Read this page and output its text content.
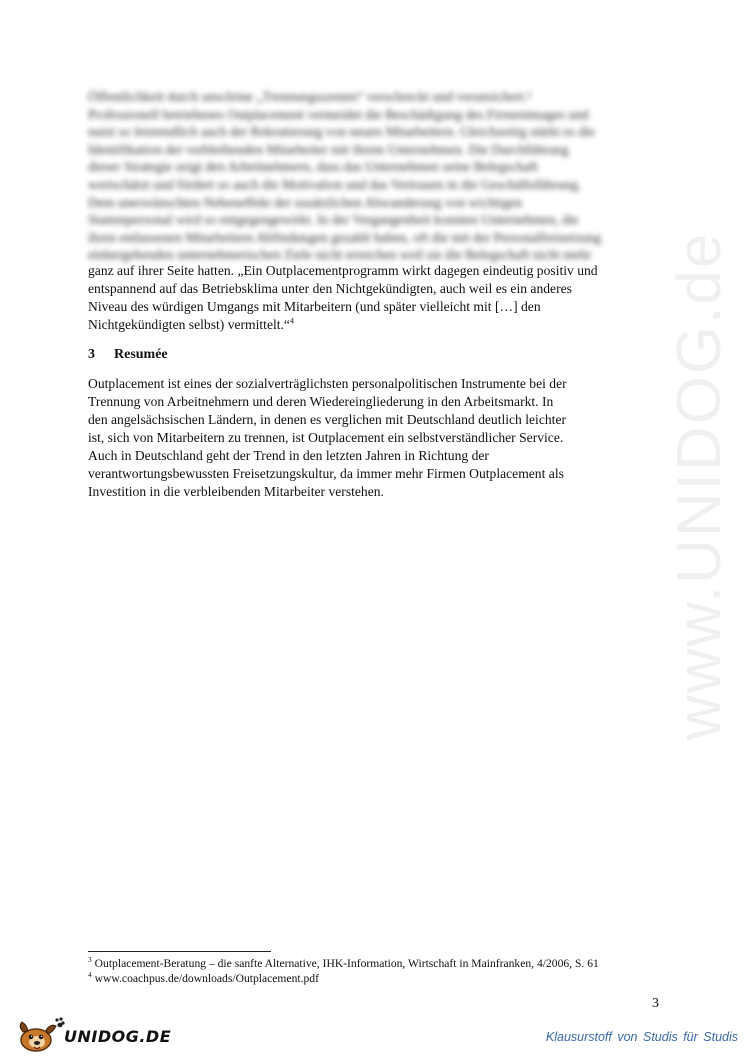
www.UNIDOG.de
Öffentlichkeit durch unschöne „Trennungsszenen“ verschreckt und verunsichert.³
Professionell betriebenes Outplacement vermeidet die Beschädigung des Firmenimages und
nutzt so letztendlich auch der Rekrutierung von neuen Mitarbeitern. Gleichzeitig stärkt es die
Identifikation der verbleibenden Mitarbeiter mit ihrem Unternehmen. Die Durchführung
dieser Strategie zeigt den Arbeitnehmern, dass das Unternehmen seine Belegschaft
wertschätzt und fördert so auch die Motivation und das Vertrauen in die Geschäftsführung.
Dem unerwünschten Nebeneffekt der zusätzlichen Abwanderung von wichtigen
Stammpersonal wird so entgegengewirkt. In der Vergangenheit konnten Unternehmen, die
ihren entlassenen Mitarbeitern Abfindungen gezahlt haben, oft die mit der Personalfreisetzung
einhergehenden unternehmerischen Ziele nicht erreichen weil sie die Belegschaft nicht mehr
ganz auf ihrer Seite hatten. „Ein Outplacementprogramm wirkt dagegen eindeutig positiv und
entspannend auf das Betriebsklima unter den Nichtgekündigten, auch weil es ein anderes
Niveau des würdigen Umgangs mit Mitarbeitern (und später vielleicht mit […] den
Nichtgekündigten selbst) vermittelt.“$^4$
3 Resumée
Outplacement ist eines der sozialverträglichsten personalpolitischen Instrumente bei der
Trennung von Arbeitnehmern und deren Wiedereingliederung in den Arbeitsmarkt. In
den angelsächsischen Ländern, in denen es verglichen mit Deutschland deutlich leichter
ist, sich von Mitarbeitern zu trennen, ist Outplacement ein selbstverständlicher Service.
Auch in Deutschland geht der Trend in den letzten Jahren in Richtung der
verantwortungsbewussten Freisetzungskultur, da immer mehr Firmen Outplacement als
Investition in die verbleibenden Mitarbeiter verstehen.
$^3$ Outplacement-Beratung – die sanfte Alternative, IHK-Information, Wirtschaft in Mainfranken, 4/2006, S. 61
$^4$ www.coachpus.de/downloads/Outplacement.pdf
3
UNIDOG.DE	Klausurstoff von Studis für Studis
